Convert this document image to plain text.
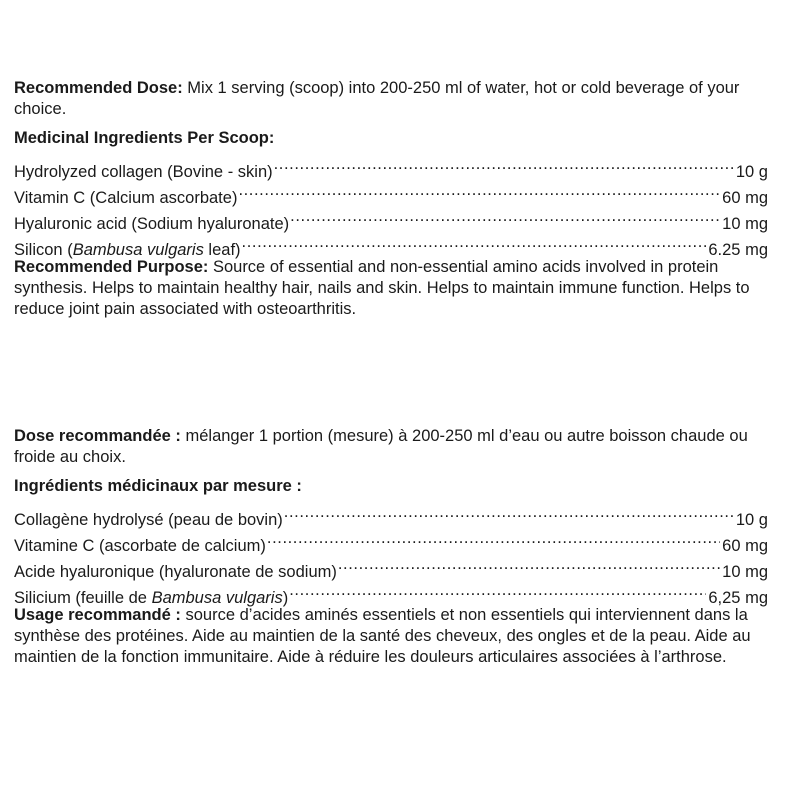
Recommended Dose: Mix 1 serving (scoop) into 200-250 ml of water, hot or cold beverage of your choice.

Medicinal Ingredients Per Scoop:

Hydrolyzed collagen (Bovine - skin) .....	10 g
Vitamin C (Calcium ascorbate) .....	60 mg
Hyaluronic acid (Sodium hyaluronate) .....	10 mg
Silicon (Bambusa vulgaris leaf) .....	6.25 mg

Recommended Purpose: Source of essential and non-essential amino acids involved in protein synthesis. Helps to maintain healthy hair, nails and skin. Helps to maintain immune function. Helps to reduce joint pain associated with osteoarthritis.

Dose recommandée : mélanger 1 portion (mesure) à 200-250 ml d’eau ou autre boisson chaude ou froide au choix.

Ingrédients médicinaux par mesure :

Collagène hydrolysé (peau de bovin) .....	10 g
Vitamine C (ascorbate de calcium) .....	60 mg
Acide hyaluronique (hyaluronate de sodium) .....	10 mg
Silicium (feuille de Bambusa vulgaris) .....	6,25 mg

Usage recommandé : source d’acides aminés essentiels et non essentiels qui interviennent dans la synthèse des protéines. Aide au maintien de la santé des cheveux, des ongles et de la peau. Aide au maintien de la fonction immunitaire. Aide à réduire les douleurs articulaires associées à l’arthrose.
